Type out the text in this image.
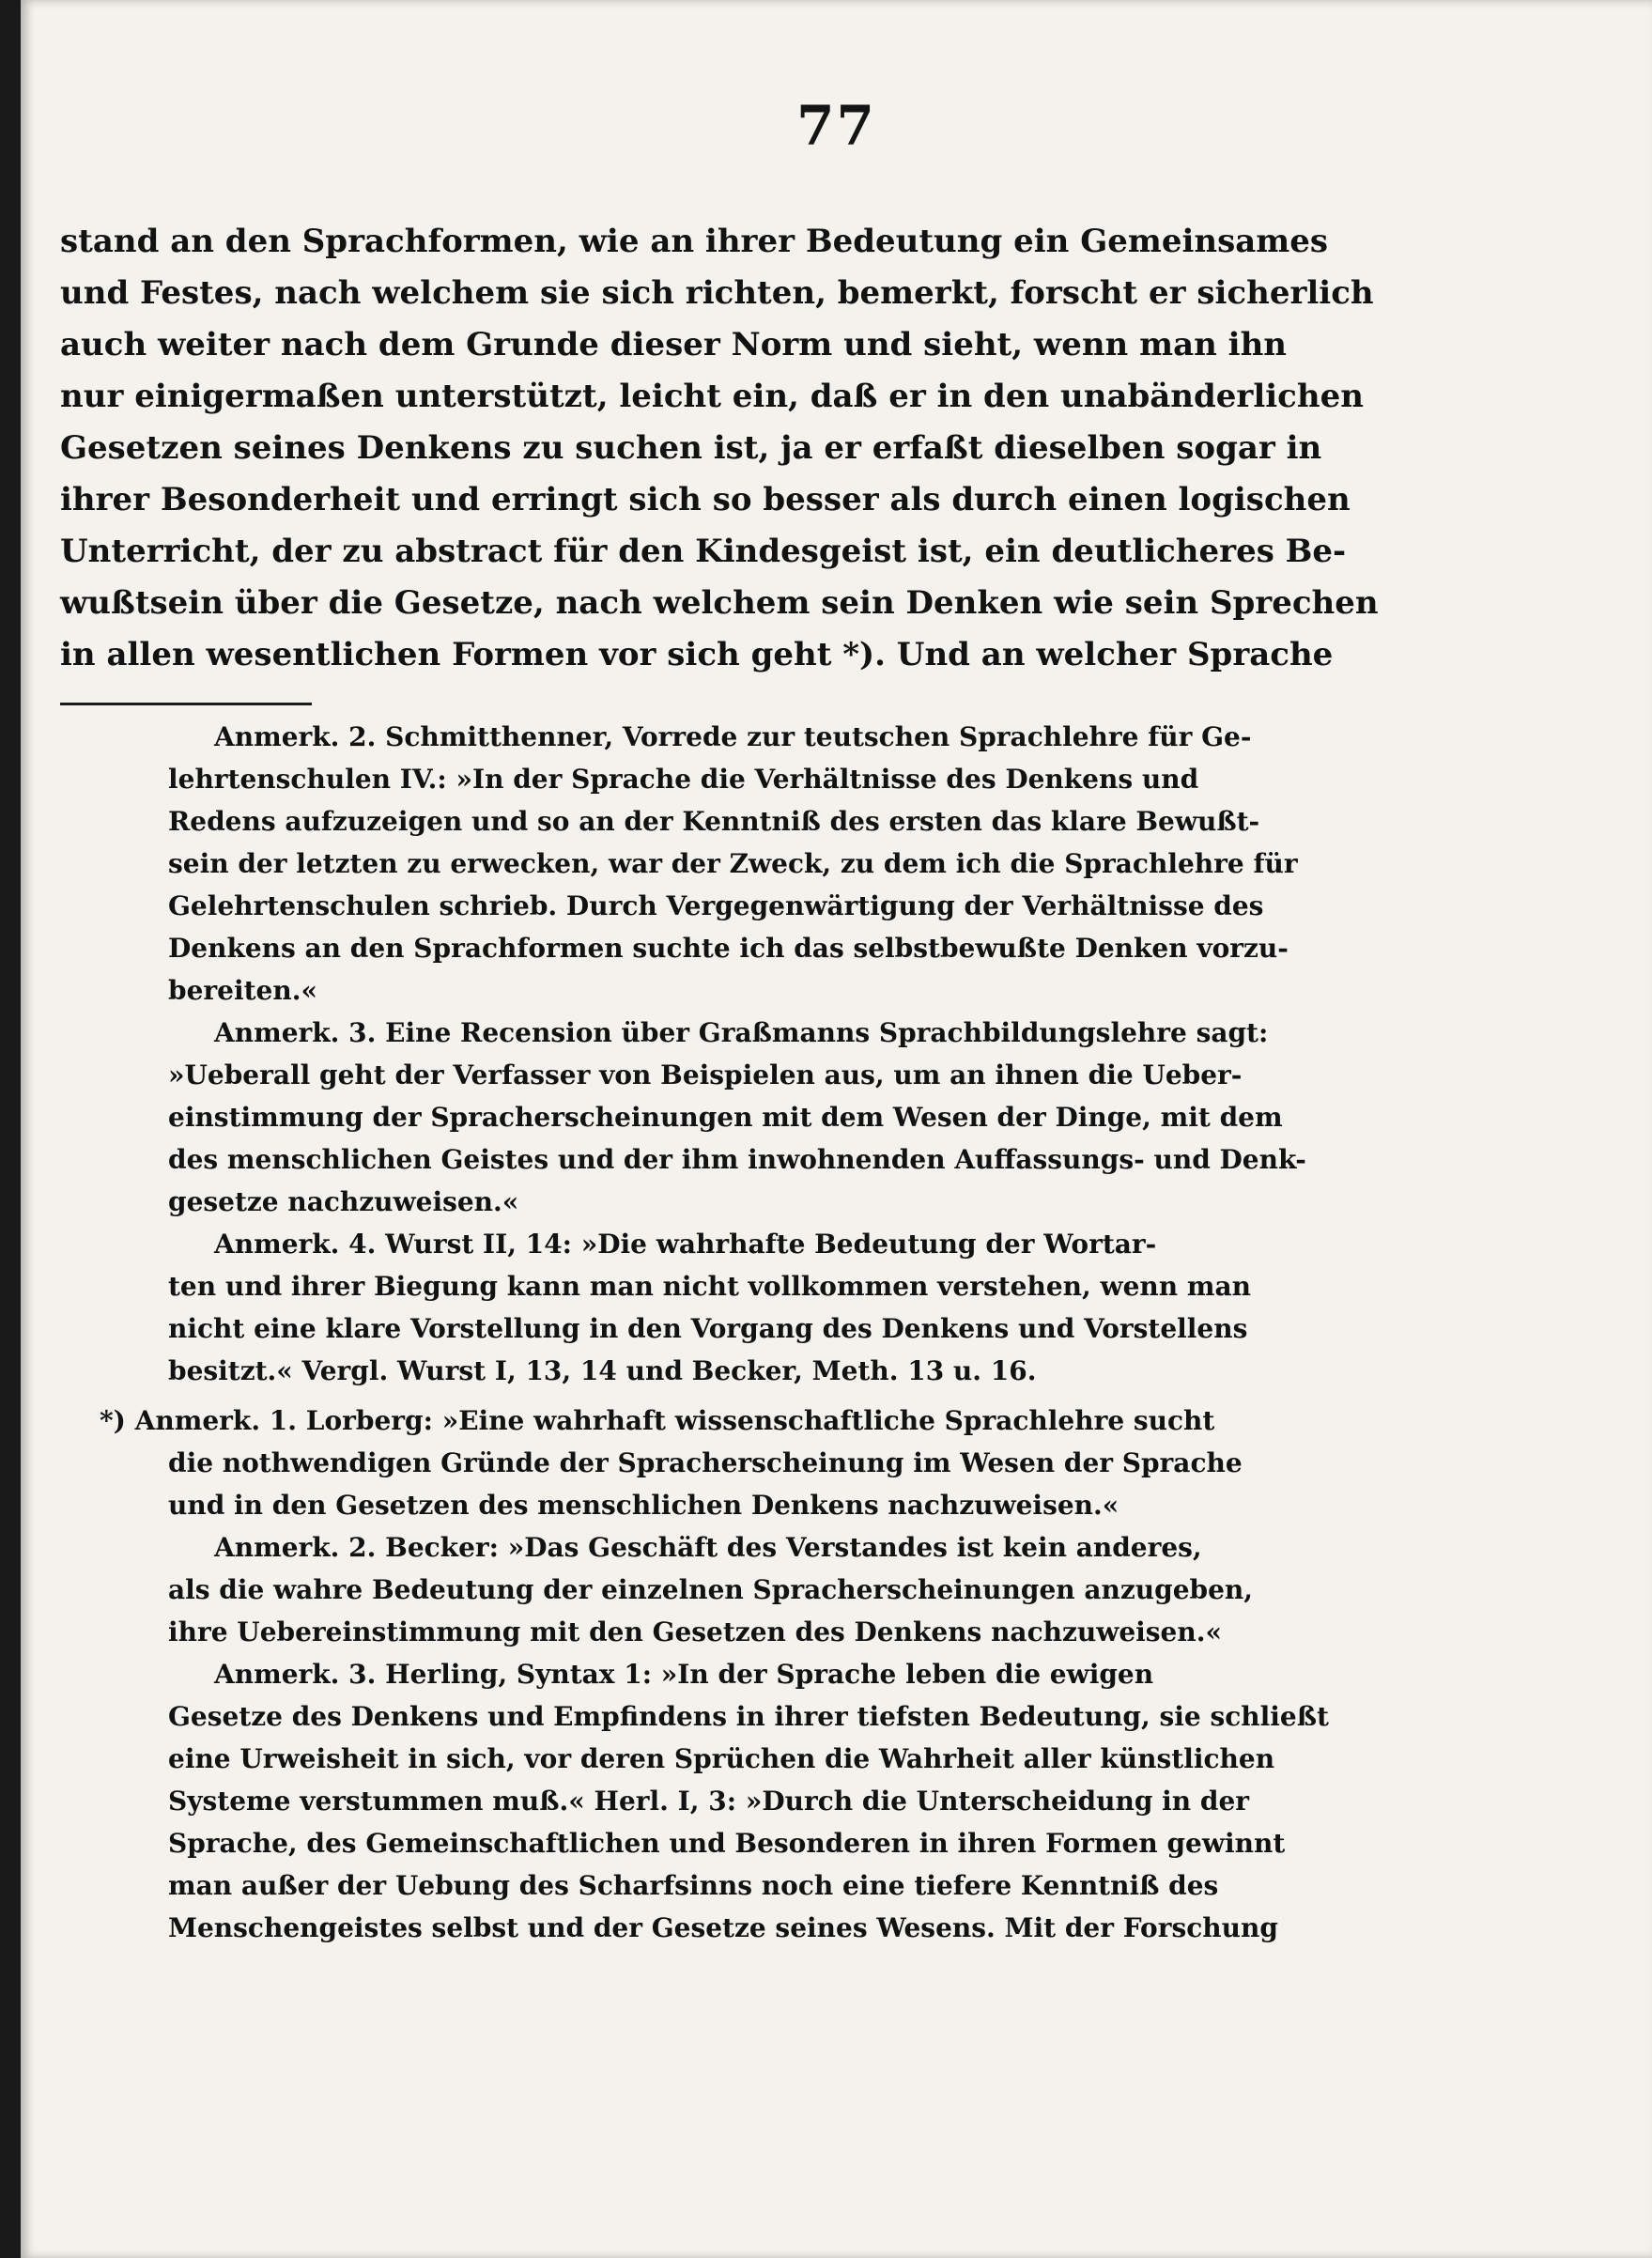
77
stand an den Sprachformen, wie an ihrer Bedeutung ein Gemeinsames
und Festes, nach welchem sie sich richten, bemerkt, forscht er sicherlich
auch weiter nach dem Grunde dieser Norm und sieht, wenn man ihn
nur einigermaßen unterstützt, leicht ein, daß er in den unabänderlichen
Gesetzen seines Denkens zu suchen ist, ja er erfaßt dieselben sogar in
ihrer Besonderheit und erringt sich so besser als durch einen logischen
Unterricht, der zu abstract für den Kindesgeist ist, ein deutlicheres Be-
wußtsein über die Gesetze, nach welchem sein Denken wie sein Sprechen
in allen wesentlichen Formen vor sich geht *). Und an welcher Sprache
Anmerk. 2. Schmitthenner, Vorrede zur teutschen Sprachlehre für Ge-
lehrtenschulen IV.: »In der Sprache die Verhältnisse des Denkens und
Redens aufzuzeigen und so an der Kenntniß des ersten das klare Bewußt-
sein der letzten zu erwecken, war der Zweck, zu dem ich die Sprachlehre für
Gelehrtenschulen schrieb. Durch Vergegenwärtigung der Verhältnisse des
Denkens an den Sprachformen suchte ich das selbstbewußte Denken vorzu-
bereiten.«
Anmerk. 3. Eine Recension über Graßmanns Sprachbildungslehre sagt:
»Ueberall geht der Verfasser von Beispielen aus, um an ihnen die Ueber-
einstimmung der Spracherscheinungen mit dem Wesen der Dinge, mit dem
des menschlichen Geistes und der ihm inwohnenden Auffassungs- und Denk-
gesetze nachzuweisen.«
Anmerk. 4. Wurst II, 14: »Die wahrhafte Bedeutung der Wortar-
ten und ihrer Biegung kann man nicht vollkommen verstehen, wenn man
nicht eine klare Vorstellung in den Vorgang des Denkens und Vorstellens
besitzt.« Vergl. Wurst I, 13, 14 und Becker, Meth. 13 u. 16.
*) Anmerk. 1. Lorberg: »Eine wahrhaft wissenschaftliche Sprachlehre sucht
die nothwendigen Gründe der Spracherscheinung im Wesen der Sprache
und in den Gesetzen des menschlichen Denkens nachzuweisen.«
Anmerk. 2. Becker: »Das Geschäft des Verstandes ist kein anderes,
als die wahre Bedeutung der einzelnen Spracherscheinungen anzugeben,
ihre Uebereinstimmung mit den Gesetzen des Denkens nachzuweisen.«
Anmerk. 3. Herling, Syntax 1: »In der Sprache leben die ewigen
Gesetze des Denkens und Empfindens in ihrer tiefsten Bedeutung, sie schließt
eine Urweisheit in sich, vor deren Sprüchen die Wahrheit aller künstlichen
Systeme verstummen muß.« Herl. I, 3: »Durch die Unterscheidung in der
Sprache, des Gemeinschaftlichen und Besonderen in ihren Formen gewinnt
man außer der Uebung des Scharfsinns noch eine tiefere Kenntniß des
Menschengeistes selbst und der Gesetze seines Wesens. Mit der Forschung
